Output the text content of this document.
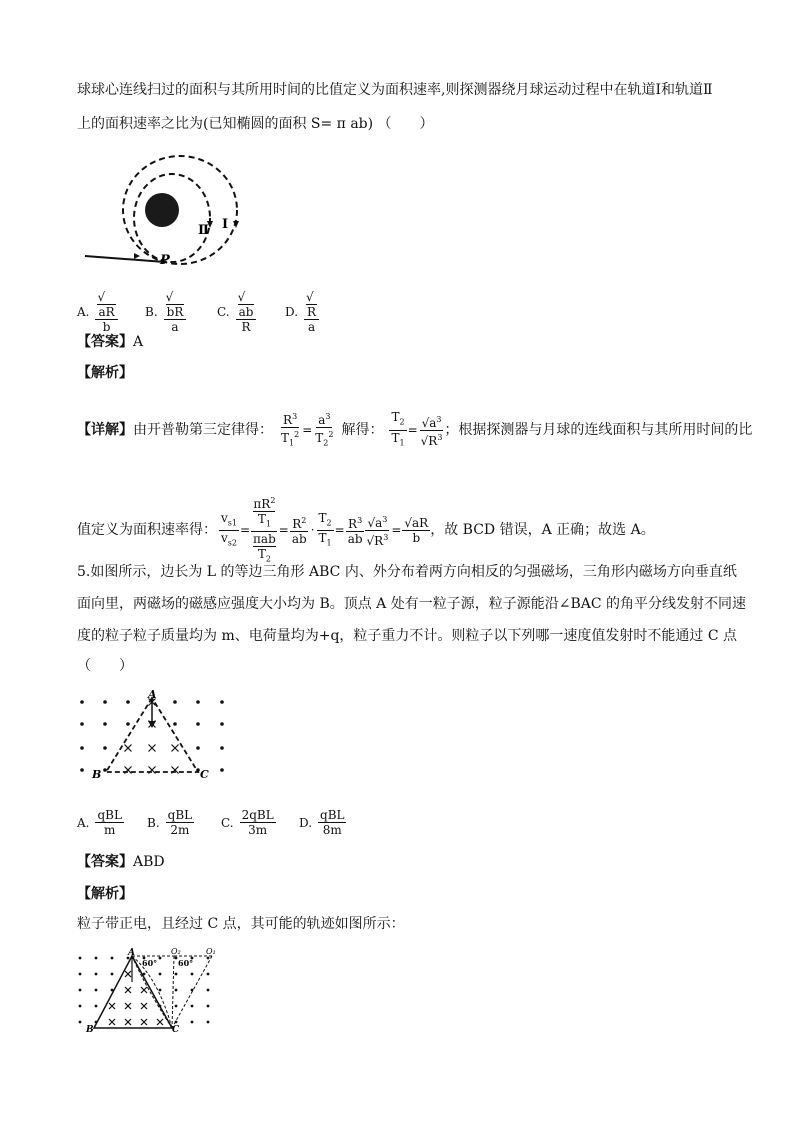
球球心连线扫过的面积与其所用时间的比值定义为面积速率,则探测器绕月球运动过程中在轨道Ⅰ和轨道Ⅱ
上的面积速率之比为(已知椭圆的面积 S= π ab) （　　）
Ⅱ Ⅰ
P
A. √
aR
b B. √
bR
a	C. √
ab
R D. √
R
a
【答案】A
【解析】
【详解】 由开普勒第三定律得： $\frac{R^3}{T_1^2} = \frac{a^3}{T_2^2}$ 解得： $\frac{T_2}{T_1} = \frac{√a^3}{√R^3}$ ；根据探测器与月球的连线面积与其所用时间的比
值定义为面积速率得： $\frac{v_{s1}}{v_{s2}} = \pi R^2$
$T_1$
πab
$T_2 = \frac{R^2}{ab} \cdot \frac{T_2}{T_1} = \frac{R^3}{ab} \frac{√a^3}{√R^3} = \frac{√aR}{b}$ ，故 BCD 错误，A 正确；故选 A。
5.如图所示，边长为 L 的等边三角形 ABC 内、外分布着两方向相反的匀强磁场，三角形内磁场方向垂直纸
面向里，两磁场的磁感应强度大小均为 B。顶点 A 处有一粒子源，粒子源能沿∠BAC 的角平分线发射不同速
度的粒子粒子质量均为 m、电荷量均为+q，粒子重力不计。则粒子以下列哪一速度值发射时不能通过 C 点
（　　）
A
B	C
A. $\frac{\text{qBL}}{m} B$. $\frac{\text{qBL}}{2m} C$. $\frac{\text{2qBL}}{3m} D$. $\frac{\text{qBL}}{8m}$
【答案】ABD
【解析】
粒子带正电，且经过 C 点，其可能的轨迹如图所示：
A
B	C
O₂	O₁
60°	60°
